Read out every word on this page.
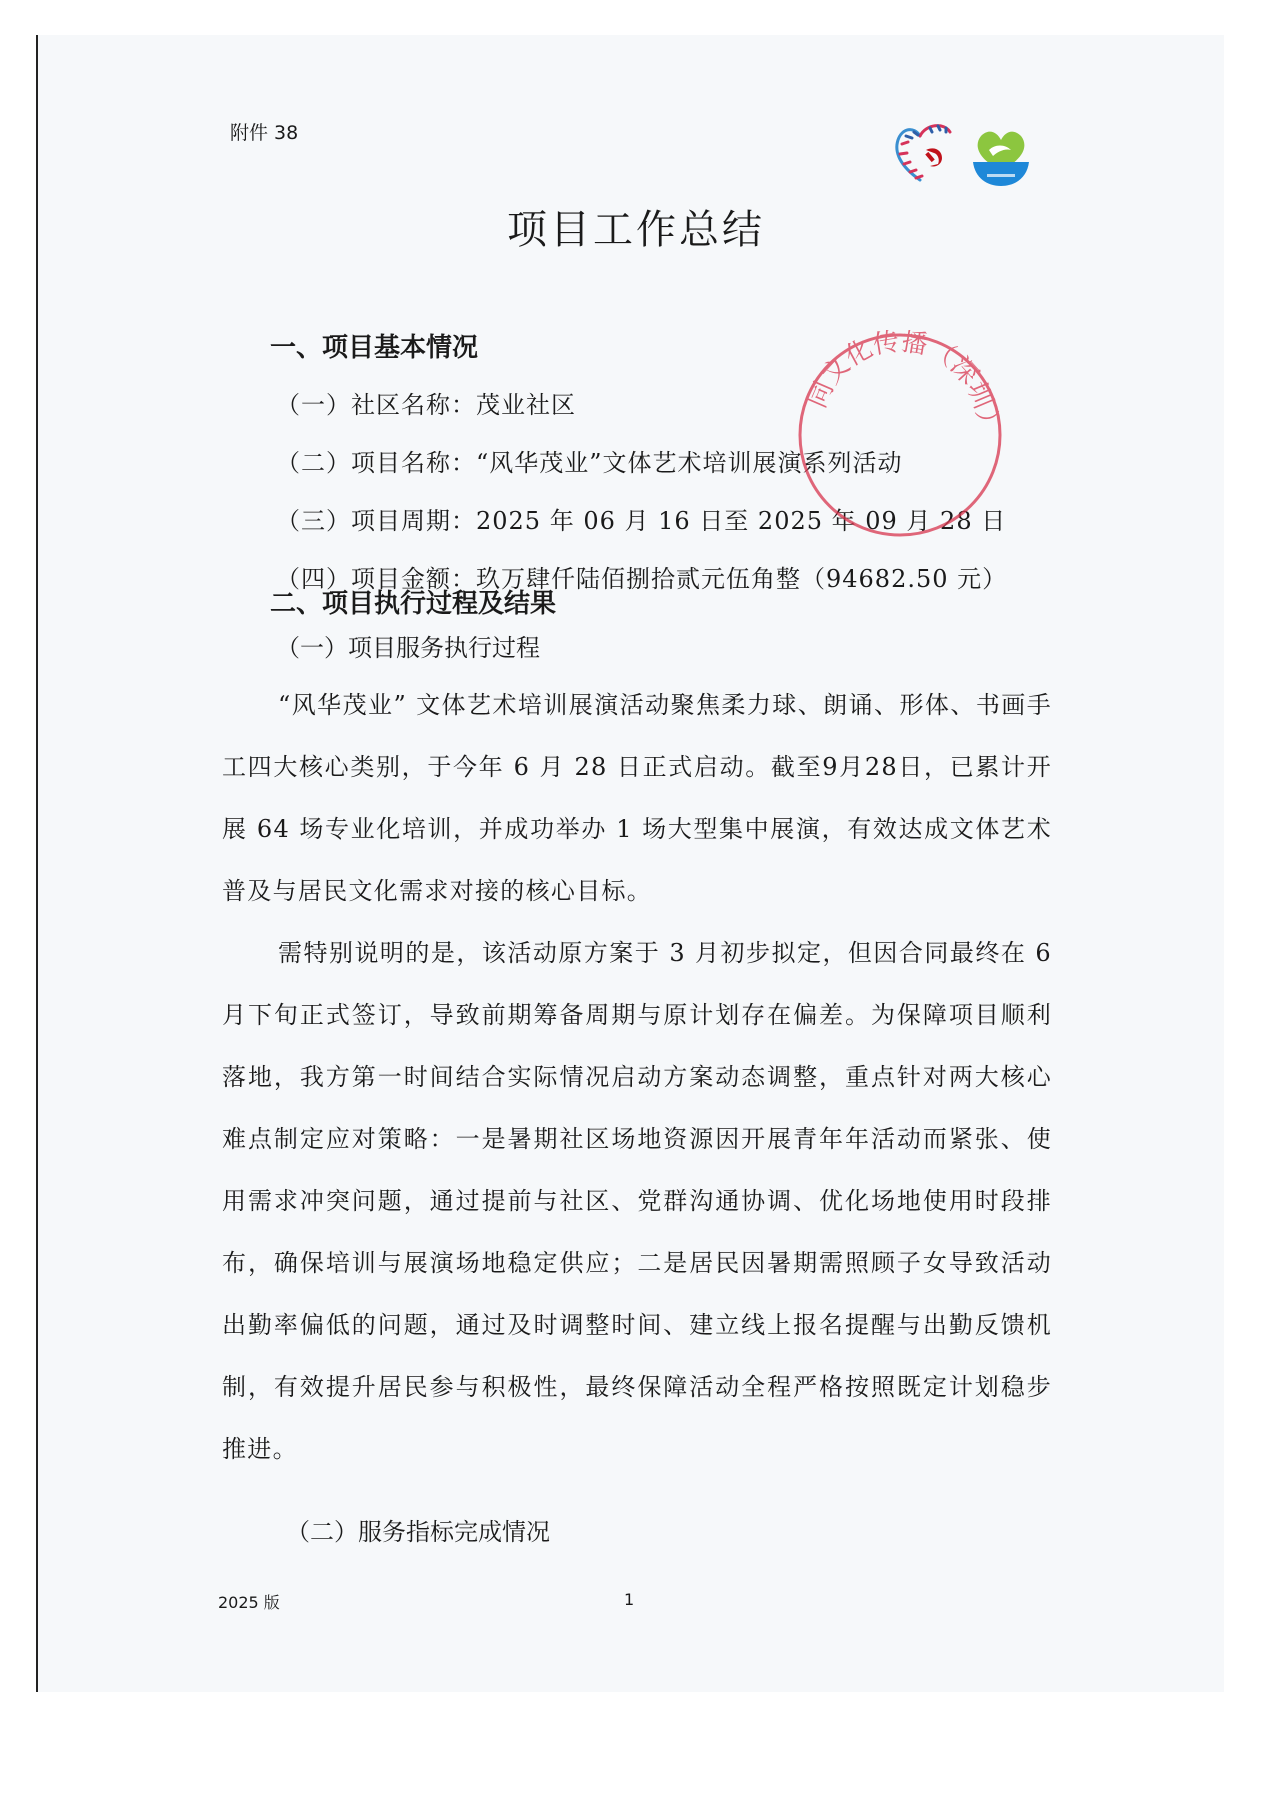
附件 38
项目工作总结
一、项目基本情况
（一）社区名称：茂业社区
（二）项目名称：“风华茂业”文体艺术培训展演系列活动
（三）项目周期：2025 年 06 月 16 日至 2025 年 09 月 28 日
（四）项目金额：玖万肆仟陆佰捌拾贰元伍角整（94682.50 元）
同文化传播（深圳）
二、项目执行过程及结果
（一）项目服务执行过程

“风华茂业” 文体艺术培训展演活动聚焦柔力球、朗诵、形体、书画手工四大核心类别，于今年 6 月 28 日正式启动。截至9月28日，已累计开展 64 场专业化培训，并成功举办 1 场大型集中展演，有效达成文体艺术普及与居民文化需求对接的核心目标。

需特别说明的是，该活动原方案于 3 月初步拟定，但因合同最终在 6 月下旬正式签订，导致前期筹备周期与原计划存在偏差。为保障项目顺利落地，我方第一时间结合实际情况启动方案动态调整，重点针对两大核心难点制定应对策略：一是暑期社区场地资源因开展青年年活动而紧张、使用需求冲突问题，通过提前与社区、党群沟通协调、优化场地使用时段排布，确保培训与展演场地稳定供应；二是居民因暑期需照顾子女导致活动出勤率偏低的问题，通过及时调整时间、建立线上报名提醒与出勤反馈机制，有效提升居民参与积极性，最终保障活动全程严格按照既定计划稳步推进。

（二）服务指标完成情况
2025 版	1
